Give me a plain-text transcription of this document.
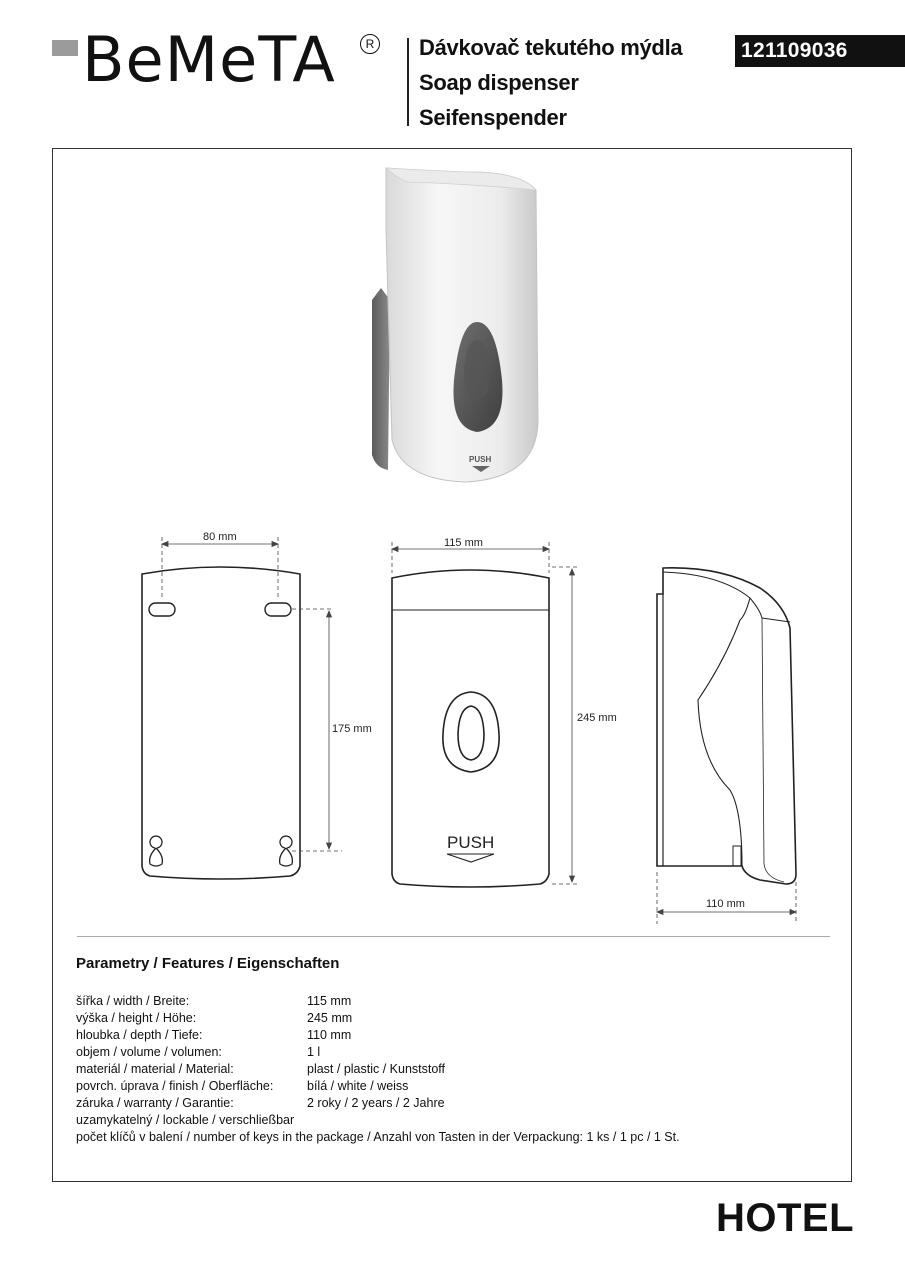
BeMeTA	R Dávkovač tekutého mýdla
Soap dispenser
Seifenspender
121109036
PUSH
80 mm
175 mm
PUSH
115 mm
245 mm
110 mm
Parametry / Features / Eigenschaften
šířka / width / Breite:	115 mm
výška / height / Höhe:	245 mm
hloubka / depth / Tiefe:	110 mm
objem / volume / volumen:	1 l
materiál / material / Material:	plast / plastic / Kunststoff
povrch. úprava / finish / Oberfläche:	bílá / white / weiss
záruka / warranty / Garantie:	2 roky / 2 years / 2 Jahre
uzamykatelný / lockable / verschließbar
počet klíčů v balení / number of keys in the package / Anzahl von Tasten in der Verpackung: 1 ks / 1 pc / 1 St.
HOTEL
